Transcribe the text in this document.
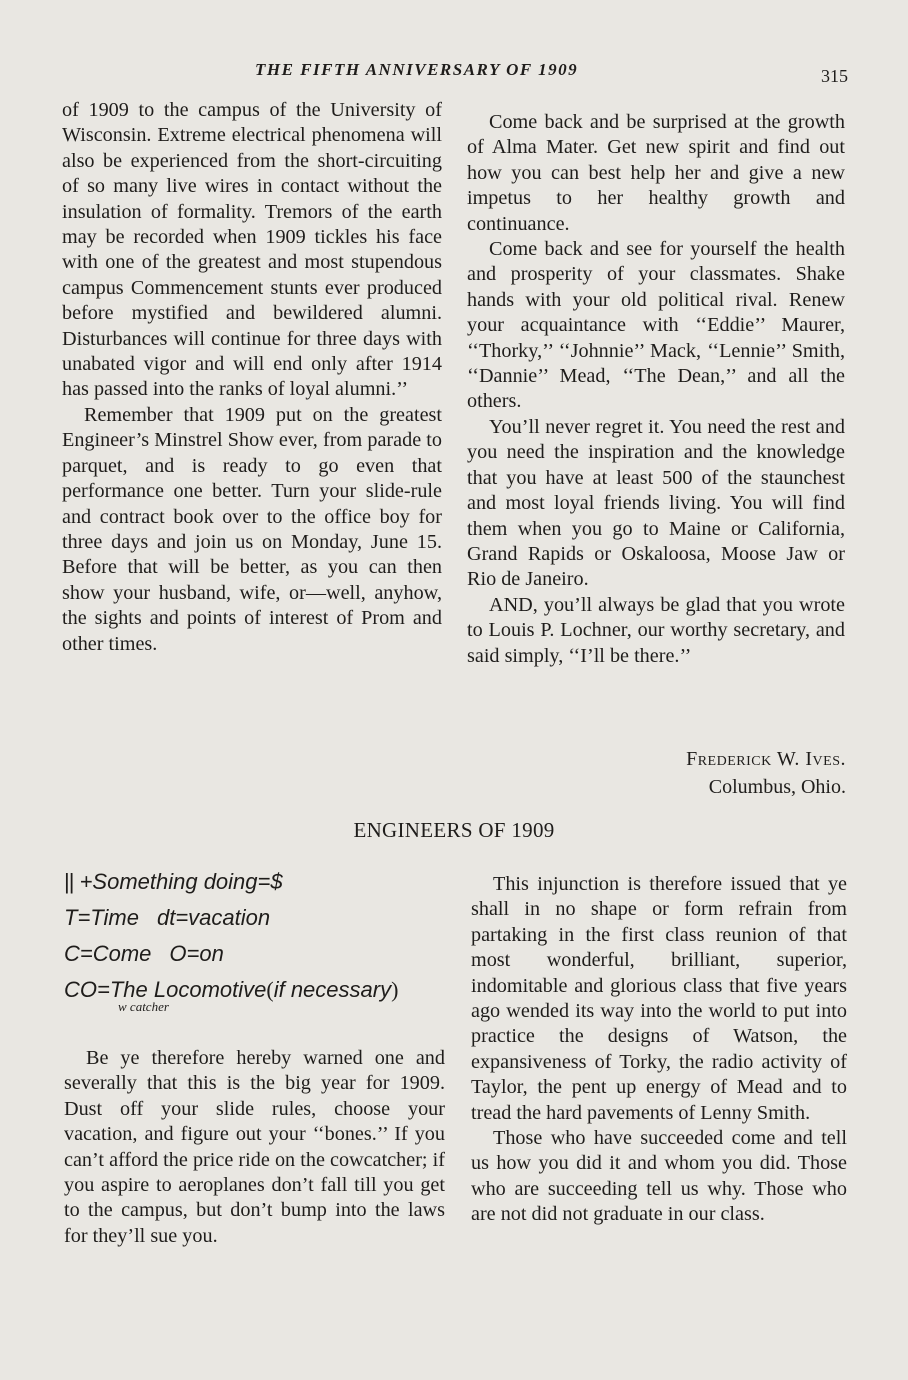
THE FIFTH ANNIVERSARY OF 1909	315

of 1909 to the campus of the University of Wisconsin. Extreme electrical phenomena will also be experienced from the short-circuiting of so many live wires in contact without the insulation of formality. Tremors of the earth may be recorded when 1909 tickles his face with one of the greatest and most stupendous campus Commencement stunts ever produced before mystified and bewildered alumni. Disturbances will continue for three days with unabated vigor and will end only after 1914 has passed into the ranks of loyal alumni.’’

Remember that 1909 put on the greatest Engineer’s Minstrel Show ever, from parade to parquet, and is ready to go even that performance one better. Turn your slide-rule and contract book over to the office boy for three days and join us on Monday, June 15. Before that will be better, as you can then show your husband, wife, or—well, anyhow, the sights and points of interest of Prom and other times.

Come back and be surprised at the growth of Alma Mater. Get new spirit and find out how you can best help her and give a new impetus to her healthy growth and continuance.

Come back and see for yourself the health and prosperity of your classmates. Shake hands with your old political rival. Renew your acquaintance with ‘‘Eddie’’ Maurer, ‘‘Thorky,’’ ‘‘Johnnie’’ Mack, ‘‘Lennie’’ Smith, ‘‘Dannie’’ Mead, ‘‘The Dean,’’ and all the others.

You’ll never regret it. You need the rest and you need the inspiration and the knowledge that you have at least 500 of the staunchest and most loyal friends living. You will find them when you go to Maine or California, Grand Rapids or Oskaloosa, Moose Jaw or Rio de Janeiro.

AND, you’ll always be glad that you wrote to Louis P. Lochner, our worthy secretary, and said simply, ‘‘I’ll be there.’’

Frederick W. Ives.
Columbus, Ohio.
ENGINEERS OF 1909
|| +Something doing=$
T=Time dt=vacation
C=Come O=on
CO=The Locomotive(if necessary)
w catcher

Be ye therefore hereby warned one and severally that this is the big year for 1909. Dust off your slide rules, choose your vacation, and figure out your ‘‘bones.’’ If you can’t afford the price ride on the cowcatcher; if you aspire to aeroplanes don’t fall till you get to the campus, but don’t bump into the laws for they’ll sue you.

This injunction is therefore issued that ye shall in no shape or form refrain from partaking in the first class reunion of that most wonderful, brilliant, superior, indomitable and glorious class that five years ago wended its way into the world to put into practice the designs of Watson, the expansiveness of Torky, the radio activity of Taylor, the pent up energy of Mead and to tread the hard pavements of Lenny Smith.

Those who have succeeded come and tell us how you did it and whom you did. Those who are succeeding tell us why. Those who are not did not graduate in our class.
